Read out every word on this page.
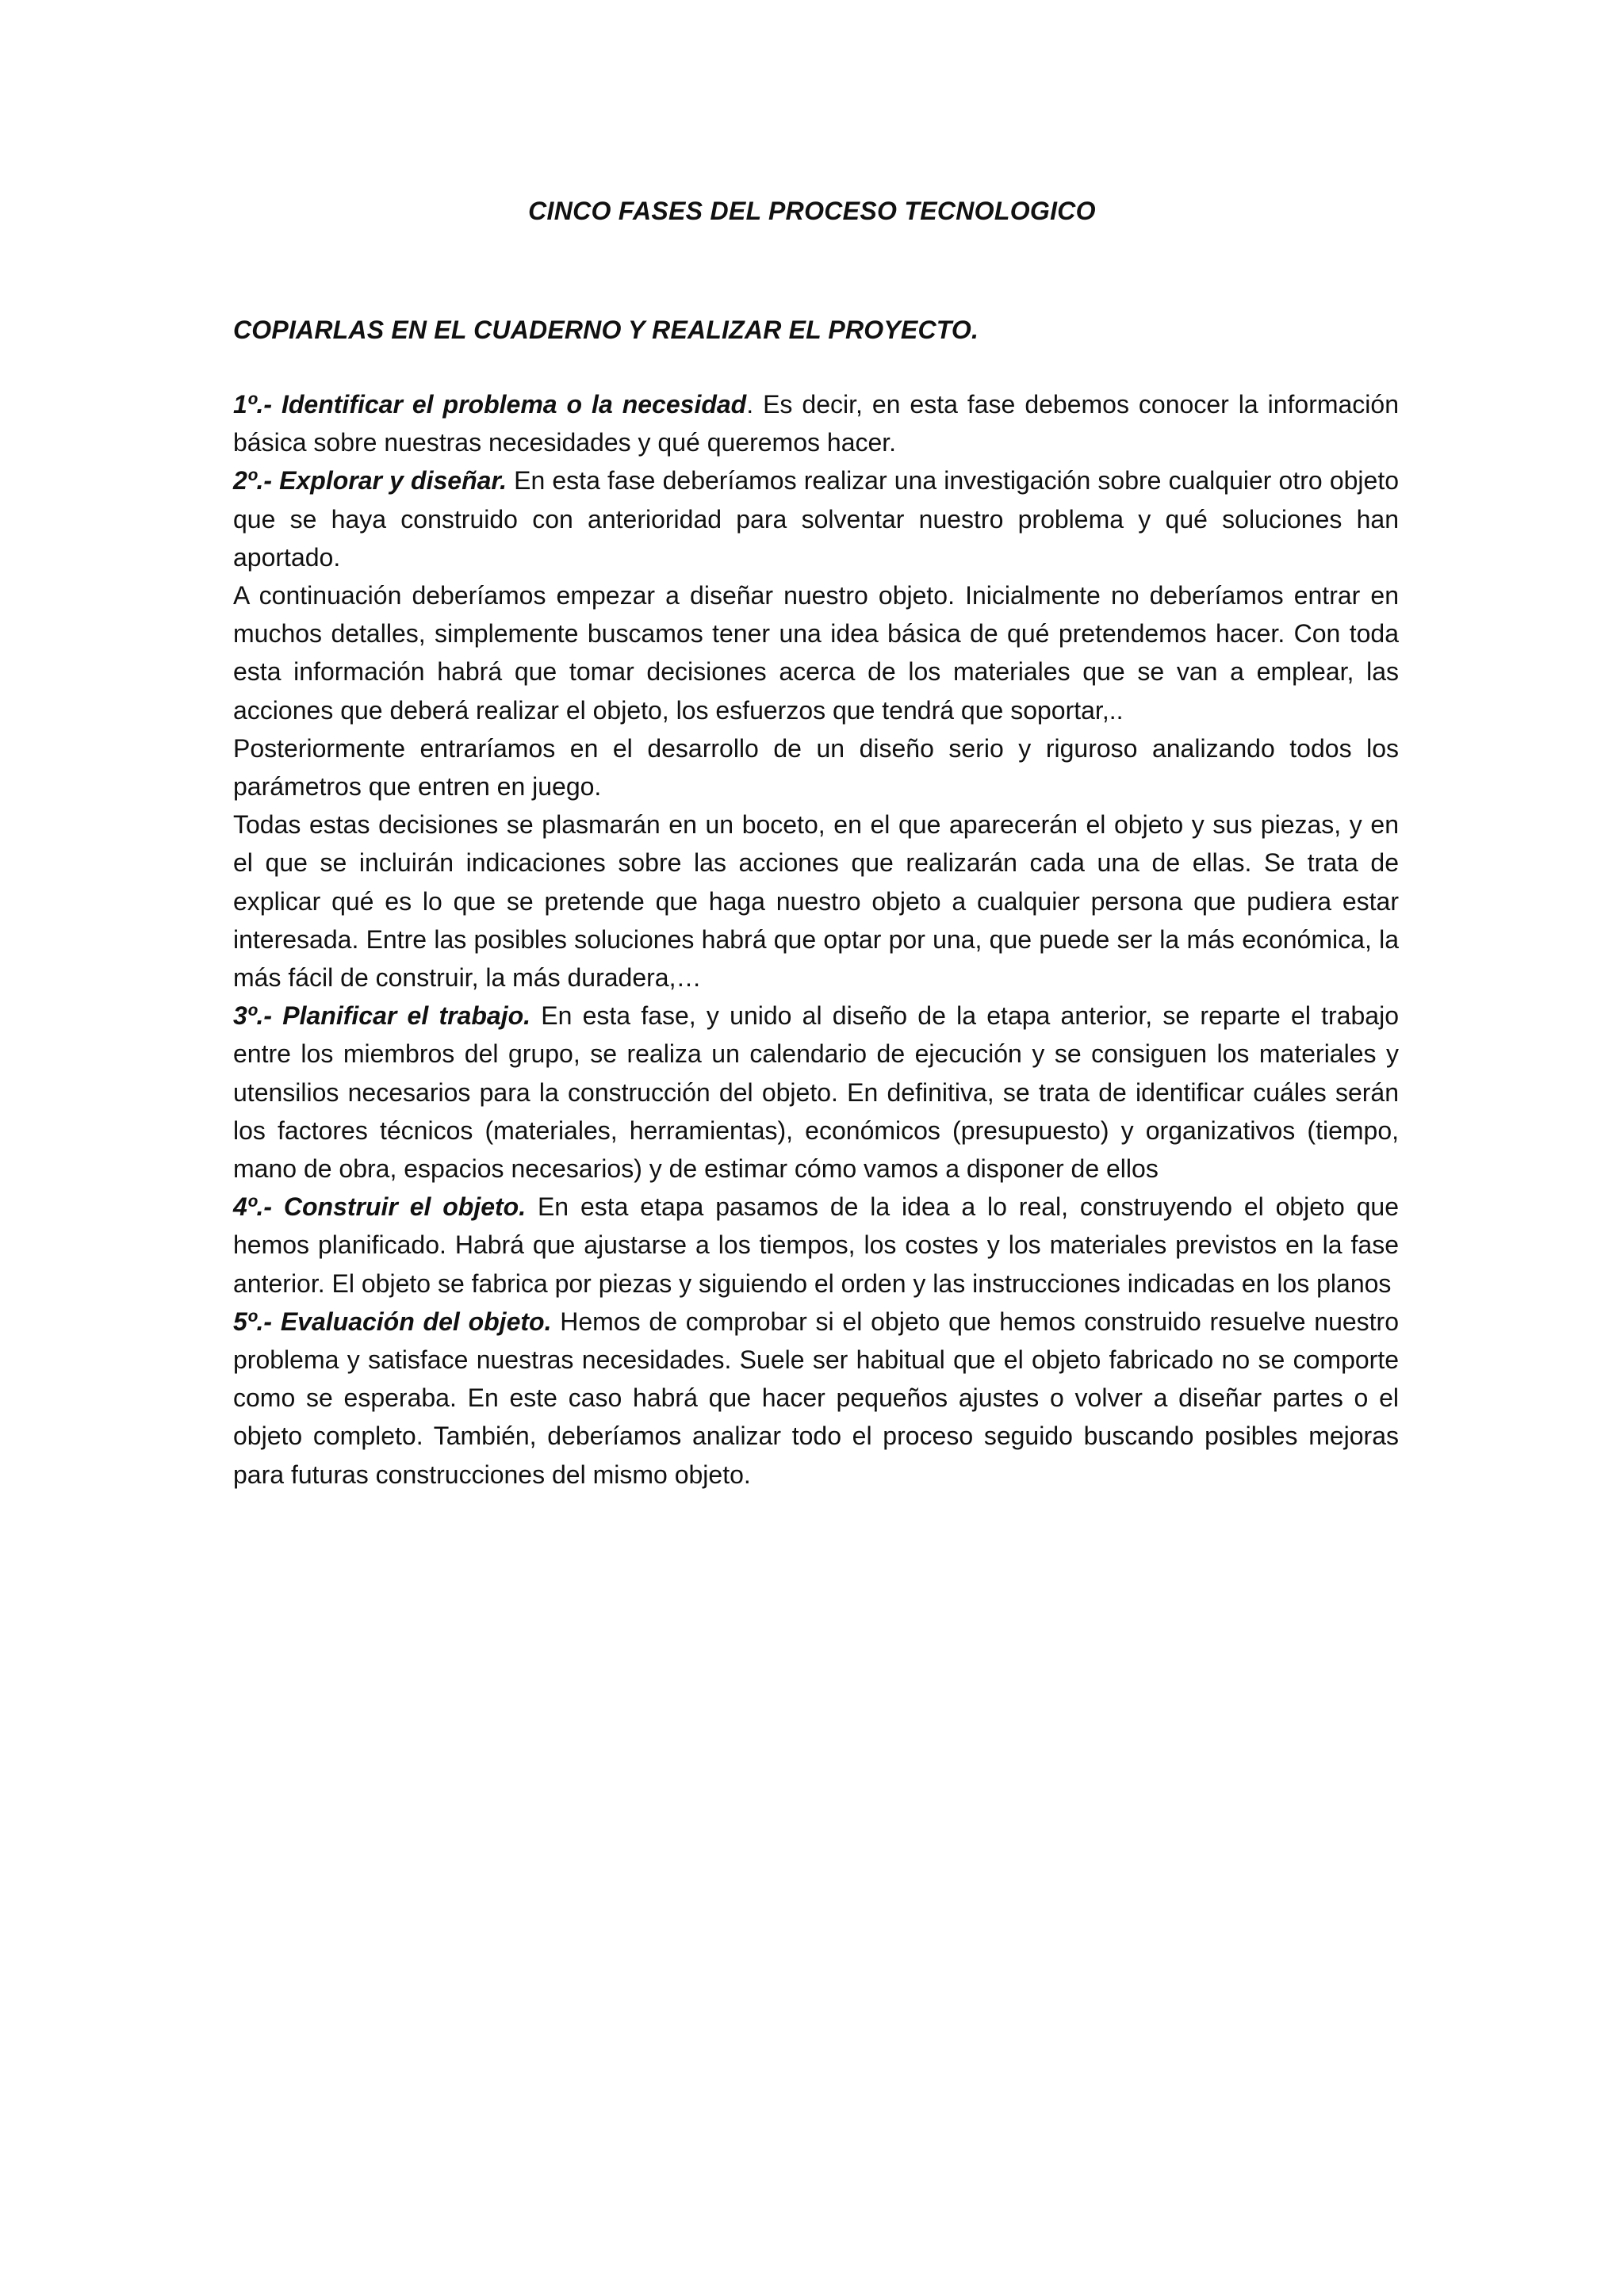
CINCO FASES DEL PROCESO TECNOLOGICO
COPIARLAS EN EL CUADERNO Y REALIZAR EL PROYECTO.

1º.- Identificar el problema o la necesidad. Es decir, en esta fase debemos conocer la información básica sobre nuestras necesidades y qué queremos hacer.

2º.- Explorar y diseñar. En esta fase deberíamos realizar una investigación sobre cualquier otro objeto que se haya construido con anterioridad para solventar nuestro problema y qué soluciones han aportado.

A continuación deberíamos empezar a diseñar nuestro objeto. Inicialmente no deberíamos entrar en muchos detalles, simplemente buscamos tener una idea básica de qué pretendemos hacer. Con toda esta información habrá que tomar decisiones acerca de los materiales que se van a emplear, las acciones que deberá realizar el objeto, los esfuerzos que tendrá que soportar,..

Posteriormente entraríamos en el desarrollo de un diseño serio y riguroso analizando todos los parámetros que entren en juego.

Todas estas decisiones se plasmarán en un boceto, en el que aparecerán el objeto y sus piezas, y en el que se incluirán indicaciones sobre las acciones que realizarán cada una de ellas. Se trata de explicar qué es lo que se pretende que haga nuestro objeto a cualquier persona que pudiera estar interesada. Entre las posibles soluciones habrá que optar por una, que puede ser la más económica, la más fácil de construir, la más duradera,…

3º.- Planificar el trabajo. En esta fase, y unido al diseño de la etapa anterior, se reparte el trabajo entre los miembros del grupo, se realiza un calendario de ejecución y se consiguen los materiales y utensilios necesarios para la construcción del objeto. En definitiva, se trata de identificar cuáles serán los factores técnicos (materiales, herramientas), económicos (presupuesto) y organizativos (tiempo, mano de obra, espacios necesarios) y de estimar cómo vamos a disponer de ellos

4º.- Construir el objeto. En esta etapa pasamos de la idea a lo real, construyendo el objeto que hemos planificado. Habrá que ajustarse a los tiempos, los costes y los materiales previstos en la fase anterior. El objeto se fabrica por piezas y siguiendo el orden y las instrucciones indicadas en los planos

5º.- Evaluación del objeto. Hemos de comprobar si el objeto que hemos construido resuelve nuestro problema y satisface nuestras necesidades. Suele ser habitual que el objeto fabricado no se comporte como se esperaba. En este caso habrá que hacer pequeños ajustes o volver a diseñar partes o el objeto completo. También, deberíamos analizar todo el proceso seguido buscando posibles mejoras para futuras construcciones del mismo objeto.
